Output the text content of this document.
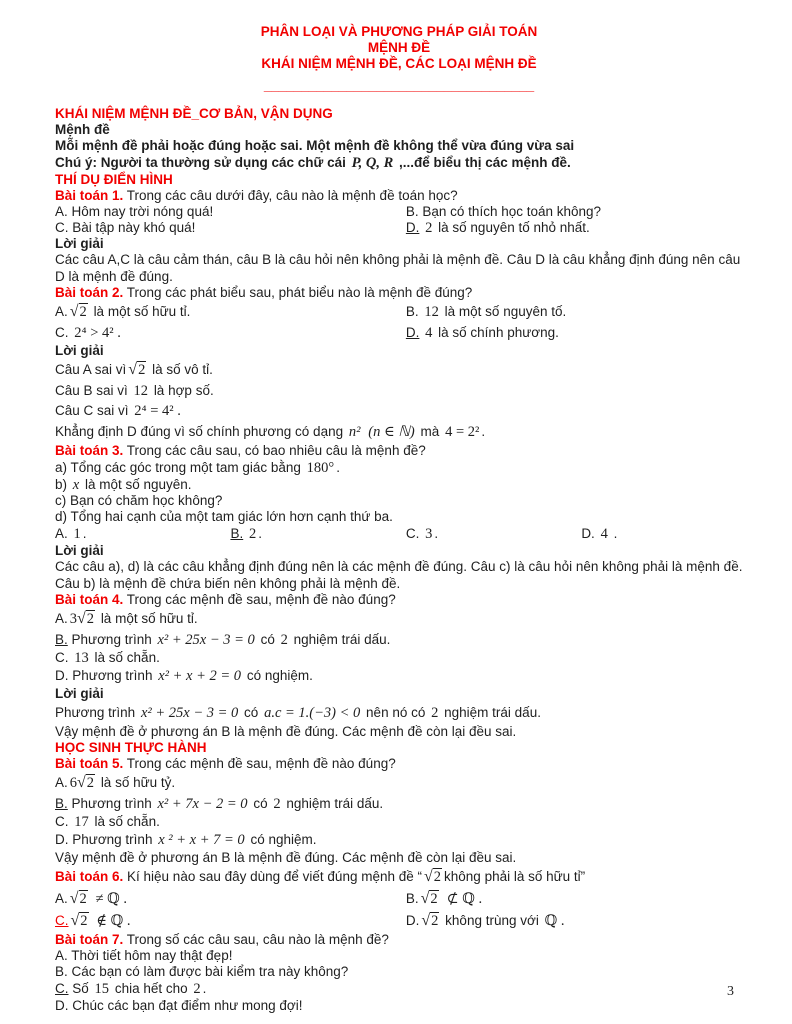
PHÂN LOẠI VÀ PHƯƠNG PHÁP GIẢI TOÁN
MỆNH ĐỀ
KHÁI NIỆM MỆNH ĐỀ, CÁC LOẠI MỆNH ĐỀ
____________________________________
KHÁI NIỆM MỆNH ĐỀ_CƠ BẢN, VẬN DỤNG
Mệnh đề
Mỗi mệnh đề phải hoặc đúng hoặc sai. Một mệnh đề không thể vừa đúng vừa sai
Chú ý: Người ta thường sử dụng các chữ cái P, Q, R ,...để biểu thị các mệnh đề.
THÍ DỤ ĐIỂN HÌNH
Bài toán 1. Trong các câu dưới đây, câu nào là mệnh đề toán học?
A. Hôm nay trời nóng quá!	B. Bạn có thích học toán không?
C. Bài tập này khó quá!	D. 2 là số nguyên tố nhỏ nhất.
Lời giải
Các câu A,C là câu cảm thán, câu B là câu hỏi nên không phải là mệnh đề. Câu D là câu khẳng định đúng nên câu D là mệnh đề đúng.
Bài toán 2. Trong các phát biểu sau, phát biểu nào là mệnh đề đúng?
A. √2 là một số hữu tỉ.	B. 12 là một số nguyên tố.
C. 2⁴ > 4² .	D. 4 là số chính phương.
Lời giải
Câu A sai vì √2 là số vô tỉ.
Câu B sai vì 12 là hợp số.
Câu C sai vì 2⁴ = 4² .
Khẳng định D đúng vì số chính phương có dạng n² (n ∈ ℕ) mà 4 = 2² .
Bài toán 3. Trong các câu sau, có bao nhiêu câu là mệnh đề?
a) Tổng các góc trong một tam giác bằng 180° .
b) x là một số nguyên.
c) Bạn có chăm học không?
d) Tổng hai cạnh của một tam giác lớn hơn cạnh thứ ba.
A. 1 .	B. 2 .	C. 3 .	D. 4 .
Lời giải
Các câu a), d) là các câu khẳng định đúng nên là các mệnh đề đúng. Câu c) là câu hỏi nên không phải là mệnh đề. Câu b) là mệnh đề chứa biến nên không phải là mệnh đề.
Bài toán 4. Trong các mệnh đề sau, mệnh đề nào đúng?
A. 3√2 là một số hữu tỉ.
B. Phương trình x² + 25x − 3 = 0 có 2 nghiệm trái dấu.
C. 13 là số chẵn.
D. Phương trình x² + x + 2 = 0 có nghiệm.
Lời giải
Phương trình x² + 25x − 3 = 0 có a.c = 1.(−3) < 0 nên nó có 2 nghiệm trái dấu.
Vậy mệnh đề ở phương án B là mệnh đề đúng. Các mệnh đề còn lại đều sai.
HỌC SINH THỰC HÀNH
Bài toán 5. Trong các mệnh đề sau, mệnh đề nào đúng?
A. 6√2 là số hữu tỷ.
B. Phương trình x² + 7x − 2 = 0 có 2 nghiệm trái dấu.
C. 17 là số chẵn.
D. Phương trình x ² + x + 7 = 0 có nghiệm.
Vậy mệnh đề ở phương án B là mệnh đề đúng. Các mệnh đề còn lại đều sai.
Bài toán 6. Kí hiệu nào sau đây dùng để viết đúng mệnh đề “ √2 không phải là số hữu tỉ”
A. √2 ≠ ℚ .	B. √2 ⊄ ℚ .
C. √2 ∉ ℚ .	D. √2 không trùng với ℚ .
Bài toán 7. Trong số các câu sau, câu nào là mệnh đề?
A. Thời tiết hôm nay thật đẹp!
B. Các bạn có làm được bài kiểm tra này không?
C. Số 15 chia hết cho 2 .
D. Chúc các bạn đạt điểm như mong đợi!
3
